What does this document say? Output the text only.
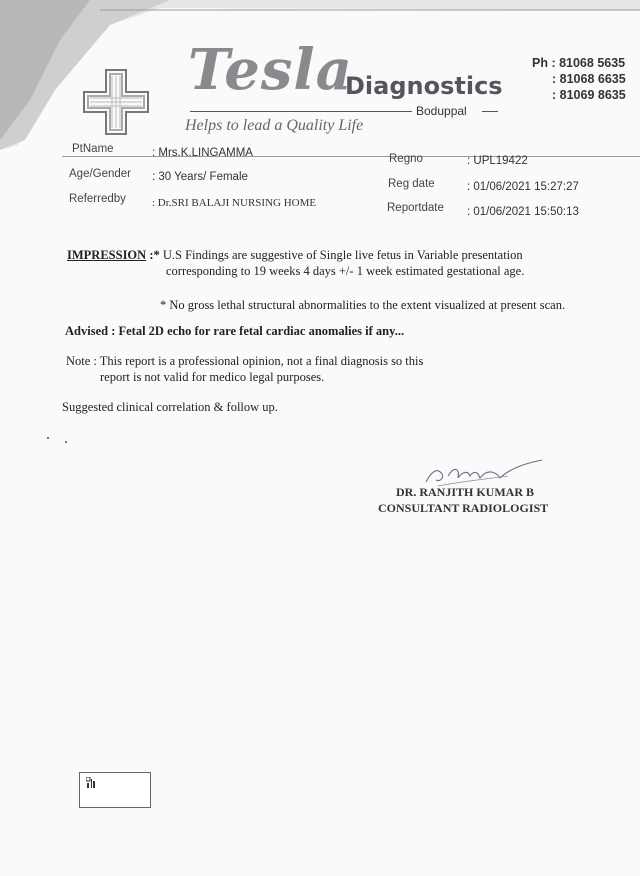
Tesla
Diagnostics
Boduppal
Helps to lead a Quality Life
Ph : 81068 5635
: 81068 6635
: 81069 8635
PtName	: Mrs.K.LINGAMMA
Age/Gender : 30 Years/ Female
Referredby : Dr.SRI BALAJI NURSING HOME
Regno	: UPL19422
Reg date	: 01/06/2021 15:27:27
Reportdate : 01/06/2021 15:50:13
IMPRESSION :* U.S Findings are suggestive of Single live fetus in Variable presentation
corresponding to 19 weeks 4 days +/- 1 week estimated gestational age.
* No gross lethal structural abnormalities to the extent visualized at present scan.
Advised : Fetal 2D echo for rare fetal cardiac anomalies if any...
Note : This report is a professional opinion, not a final diagnosis so this
report is not valid for medico legal purposes.
Suggested clinical correlation & follow up.
DR. RANJITH KUMAR B
CONSULTANT RADIOLOGIST
